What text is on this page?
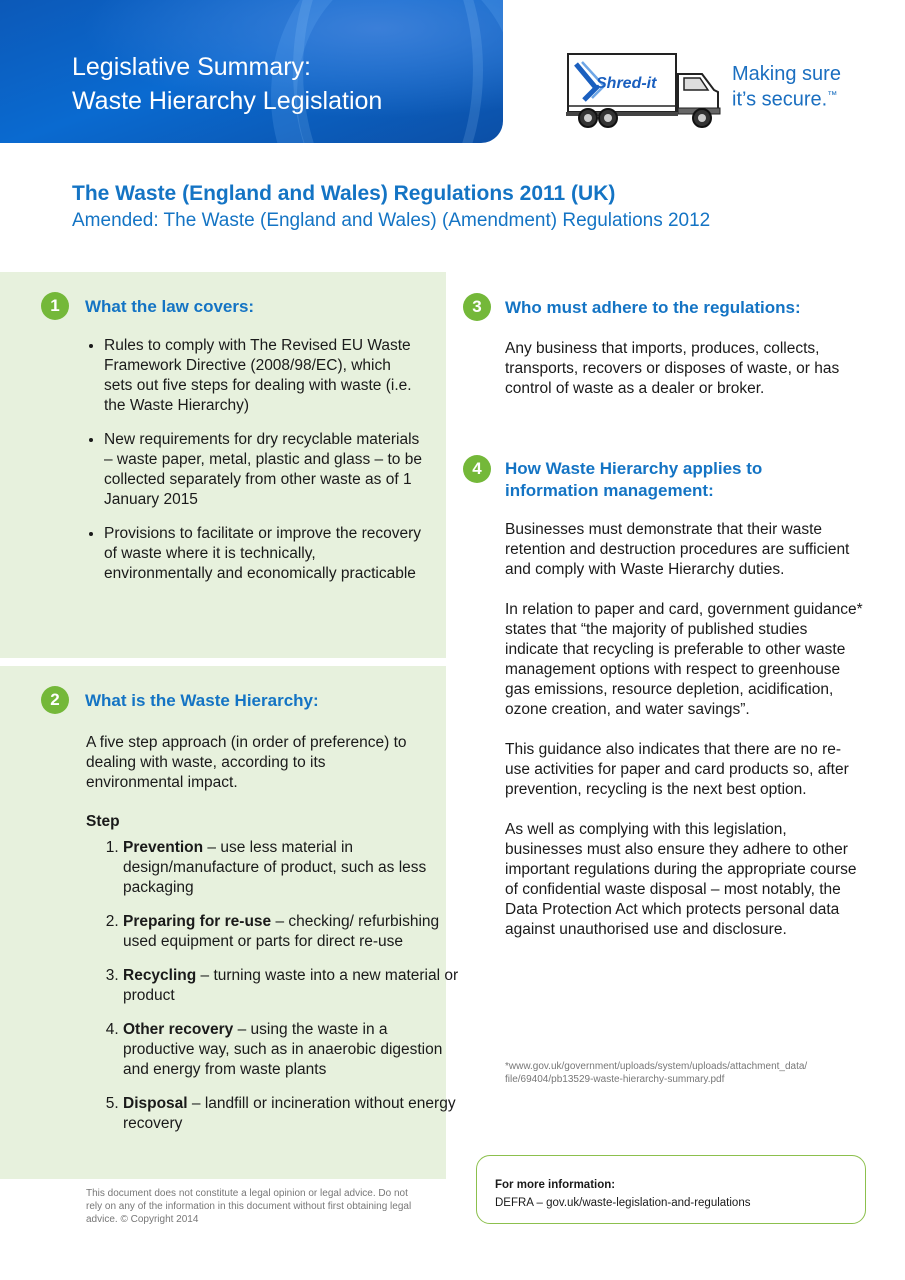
Legislative Summary:
Waste Hierarchy Legislation
Shred-it	Making sure
it’s secure.™
The Waste (England and Wales) Regulations 2011 (UK)
Amended: The Waste (England and Wales) (Amendment) Regulations 2012
1	What the law covers:
• Rules to comply with The Revised EU Waste Framework Directive (2008/98/EC), which sets out five steps for dealing with waste (i.e. the Waste Hierarchy)
• New requirements for dry recyclable materials – waste paper, metal, plastic and glass – to be collected separately from other waste as of 1 January 2015
• Provisions to facilitate or improve the recovery of waste where it is technically, environmentally and economically practicable
2	What is the Waste Hierarchy:
A five step approach (in order of preference) to dealing with waste, according to its environmental impact.
Step
1. Prevention – use less material in design/manufacture of product, such as less packaging
2. Preparing for re-use – checking/ refurbishing used equipment or parts for direct re-use
3. Recycling – turning waste into a new material or product
4. Other recovery – using the waste in a productive way, such as in anaerobic digestion and energy from waste plants
5. Disposal – landfill or incineration without energy recovery
3	Who must adhere to the regulations:
Any business that imports, produces, collects, transports, recovers or disposes of waste, or has control of waste as a dealer or broker.
4	How Waste Hierarchy applies to
information management:

Businesses must demonstrate that their waste retention and destruction procedures are sufficient and comply with Waste Hierarchy duties.

In relation to paper and card, government guidance* states that “the majority of published studies indicate that recycling is preferable to other waste management options with respect to greenhouse gas emissions, resource depletion, acidification, ozone creation, and water savings”.

This guidance also indicates that there are no re-use activities for paper and card products so, after prevention, recycling is the next best option.

As well as complying with this legislation, businesses must also ensure they adhere to other important regulations during the appropriate course of confidential waste disposal – most notably, the Data Protection Act which protects personal data against unauthorised use and disclosure.

*www.gov.uk/government/uploads/system/uploads/attachment_data/ file/69404/pb13529-waste-hierarchy-summary.pdf
This document does not constitute a legal opinion or legal advice. Do not rely on any of the information in this document without first obtaining legal advice. © Copyright 2014
For more information:
DEFRA – gov.uk/waste-legislation-and-regulations
